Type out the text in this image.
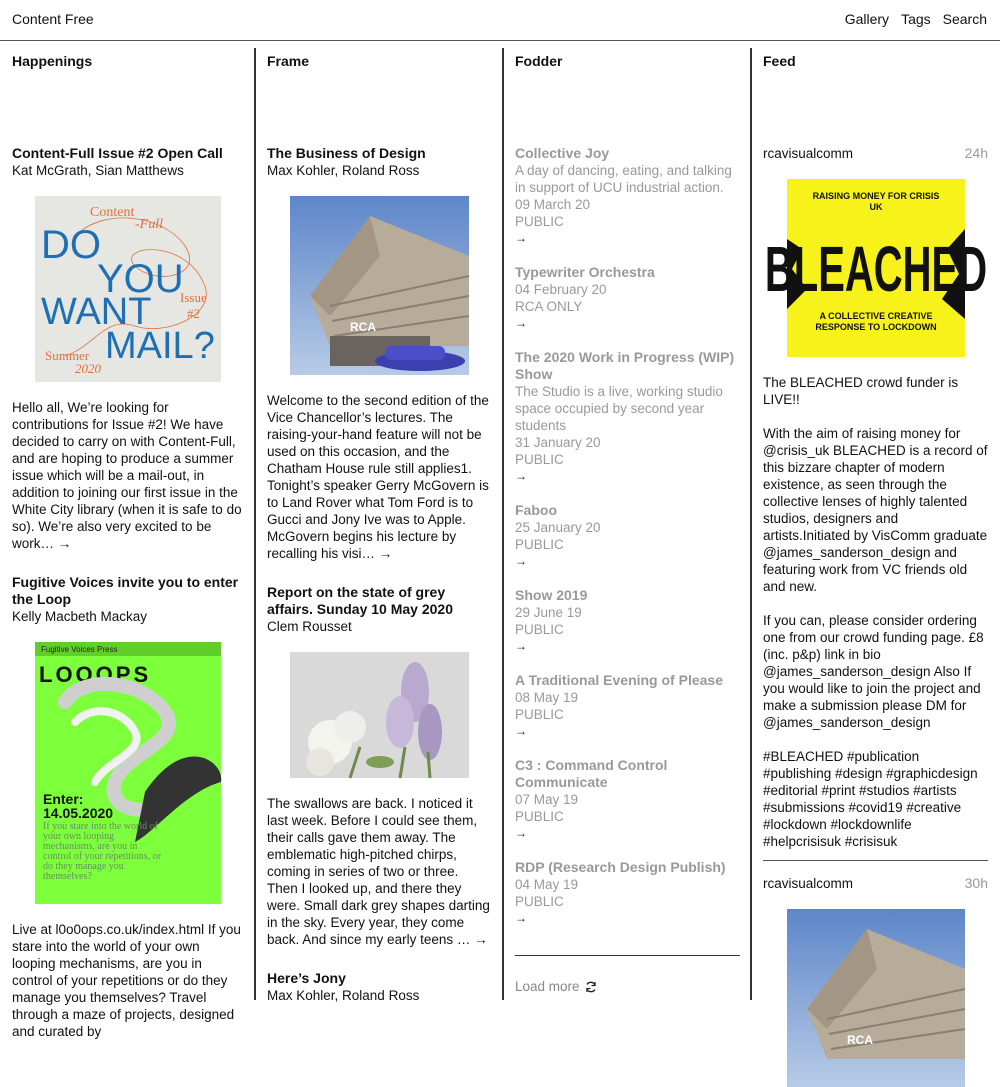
Content Free	Gallery Tags Search
Happenings
Content-Full Issue #2 Open Call
Kat McGrath, Sian Matthews
Content
-Full
DO
YOU
WANT
MAIL?
Issue
#2
Summer
2020
Hello all, We’re looking for contributions for Issue #2! We have decided to carry on with Content-Full, and are hoping to produce a summer issue which will be a mail-out, in addition to joining our first issue in the White City library (when it is safe to do so). We’re also very excited to be work… →
Fugitive Voices invite you to enter the Loop
Kelly Macbeth Mackay
Fugitive Voices Press
LOOOPS
Enter:
14.05.2020
If you stare into the world of your own looping mechanisms, are you in control of your repetitions, or do they manage you themselves?
Live at l0o0ops.co.uk/index.html If you stare into the world of your own looping mechanisms, are you in control of your repetitions or do they manage you themselves? Travel through a maze of projects, designed and curated by
Frame
The Business of Design
Max Kohler, Roland Ross
RCA
Welcome to the second edition of the Vice Chancellor’s lectures. The raising-your-hand feature will not be used on this occasion, and the Chatham House rule still applies1. Tonight’s speaker Gerry McGovern is to Land Rover what Tom Ford is to Gucci and Jony Ive was to Apple. McGovern begins his lecture by recalling his visi… →
Report on the state of grey affairs. Sunday 10 May 2020
Clem Rousset
The swallows are back. I noticed it last week. Before I could see them, their calls gave them away. The emblematic high-pitched chirps, coming in series of two or three. Then I looked up, and there they were. Small dark grey shapes darting in the sky. Every year, they come back. And since my early teens … →
Here’s Jony
Max Kohler, Roland Ross
Fodder
Collective Joy
A day of dancing, eating, and talking in support of UCU industrial action.
09 March 20
PUBLIC
→
Typewriter Orchestra
04 February 20
RCA ONLY
→
The 2020 Work in Progress (WIP) Show
The Studio is a live, working studio space occupied by second year students
31 January 20
PUBLIC
→
Faboo
25 January 20
PUBLIC
→
Show 2019
29 June 19
PUBLIC
→
A Traditional Evening of Please
08 May 19
PUBLIC
→
C3 : Command Control Communicate
07 May 19
PUBLIC
→
RDP (Research Design Publish)
04 May 19
PUBLIC
→
Load more
Feed
rcavisualcomm	24h
RAISING MONEY FOR CRISIS UK
BLEACHED
A COLLECTIVE CREATIVE RESPONSE TO LOCKDOWN
The BLEACHED crowd funder is LIVE!!
With the aim of raising money for @crisis_uk BLEACHED is a record of this bizzare chapter of modern existence, as seen through the collective lenses of highly talented studios, designers and artists.Initiated by VisComm graduate @james_sanderson_design and featuring work from VC friends old and new.
If you can, please consider ordering one from our crowd funding page. £8 (inc. p&p) link in bio @james_sanderson_design Also If you would like to join the project and make a submission please DM for @james_sanderson_design
#BLEACHED #publication #publishing #design #graphicdesign #editorial #print #studios #artists #submissions #covid19 #creative #lockdown #lockdownlife #helpcrisisuk #crisisuk
rcavisualcomm	30h
RCA
